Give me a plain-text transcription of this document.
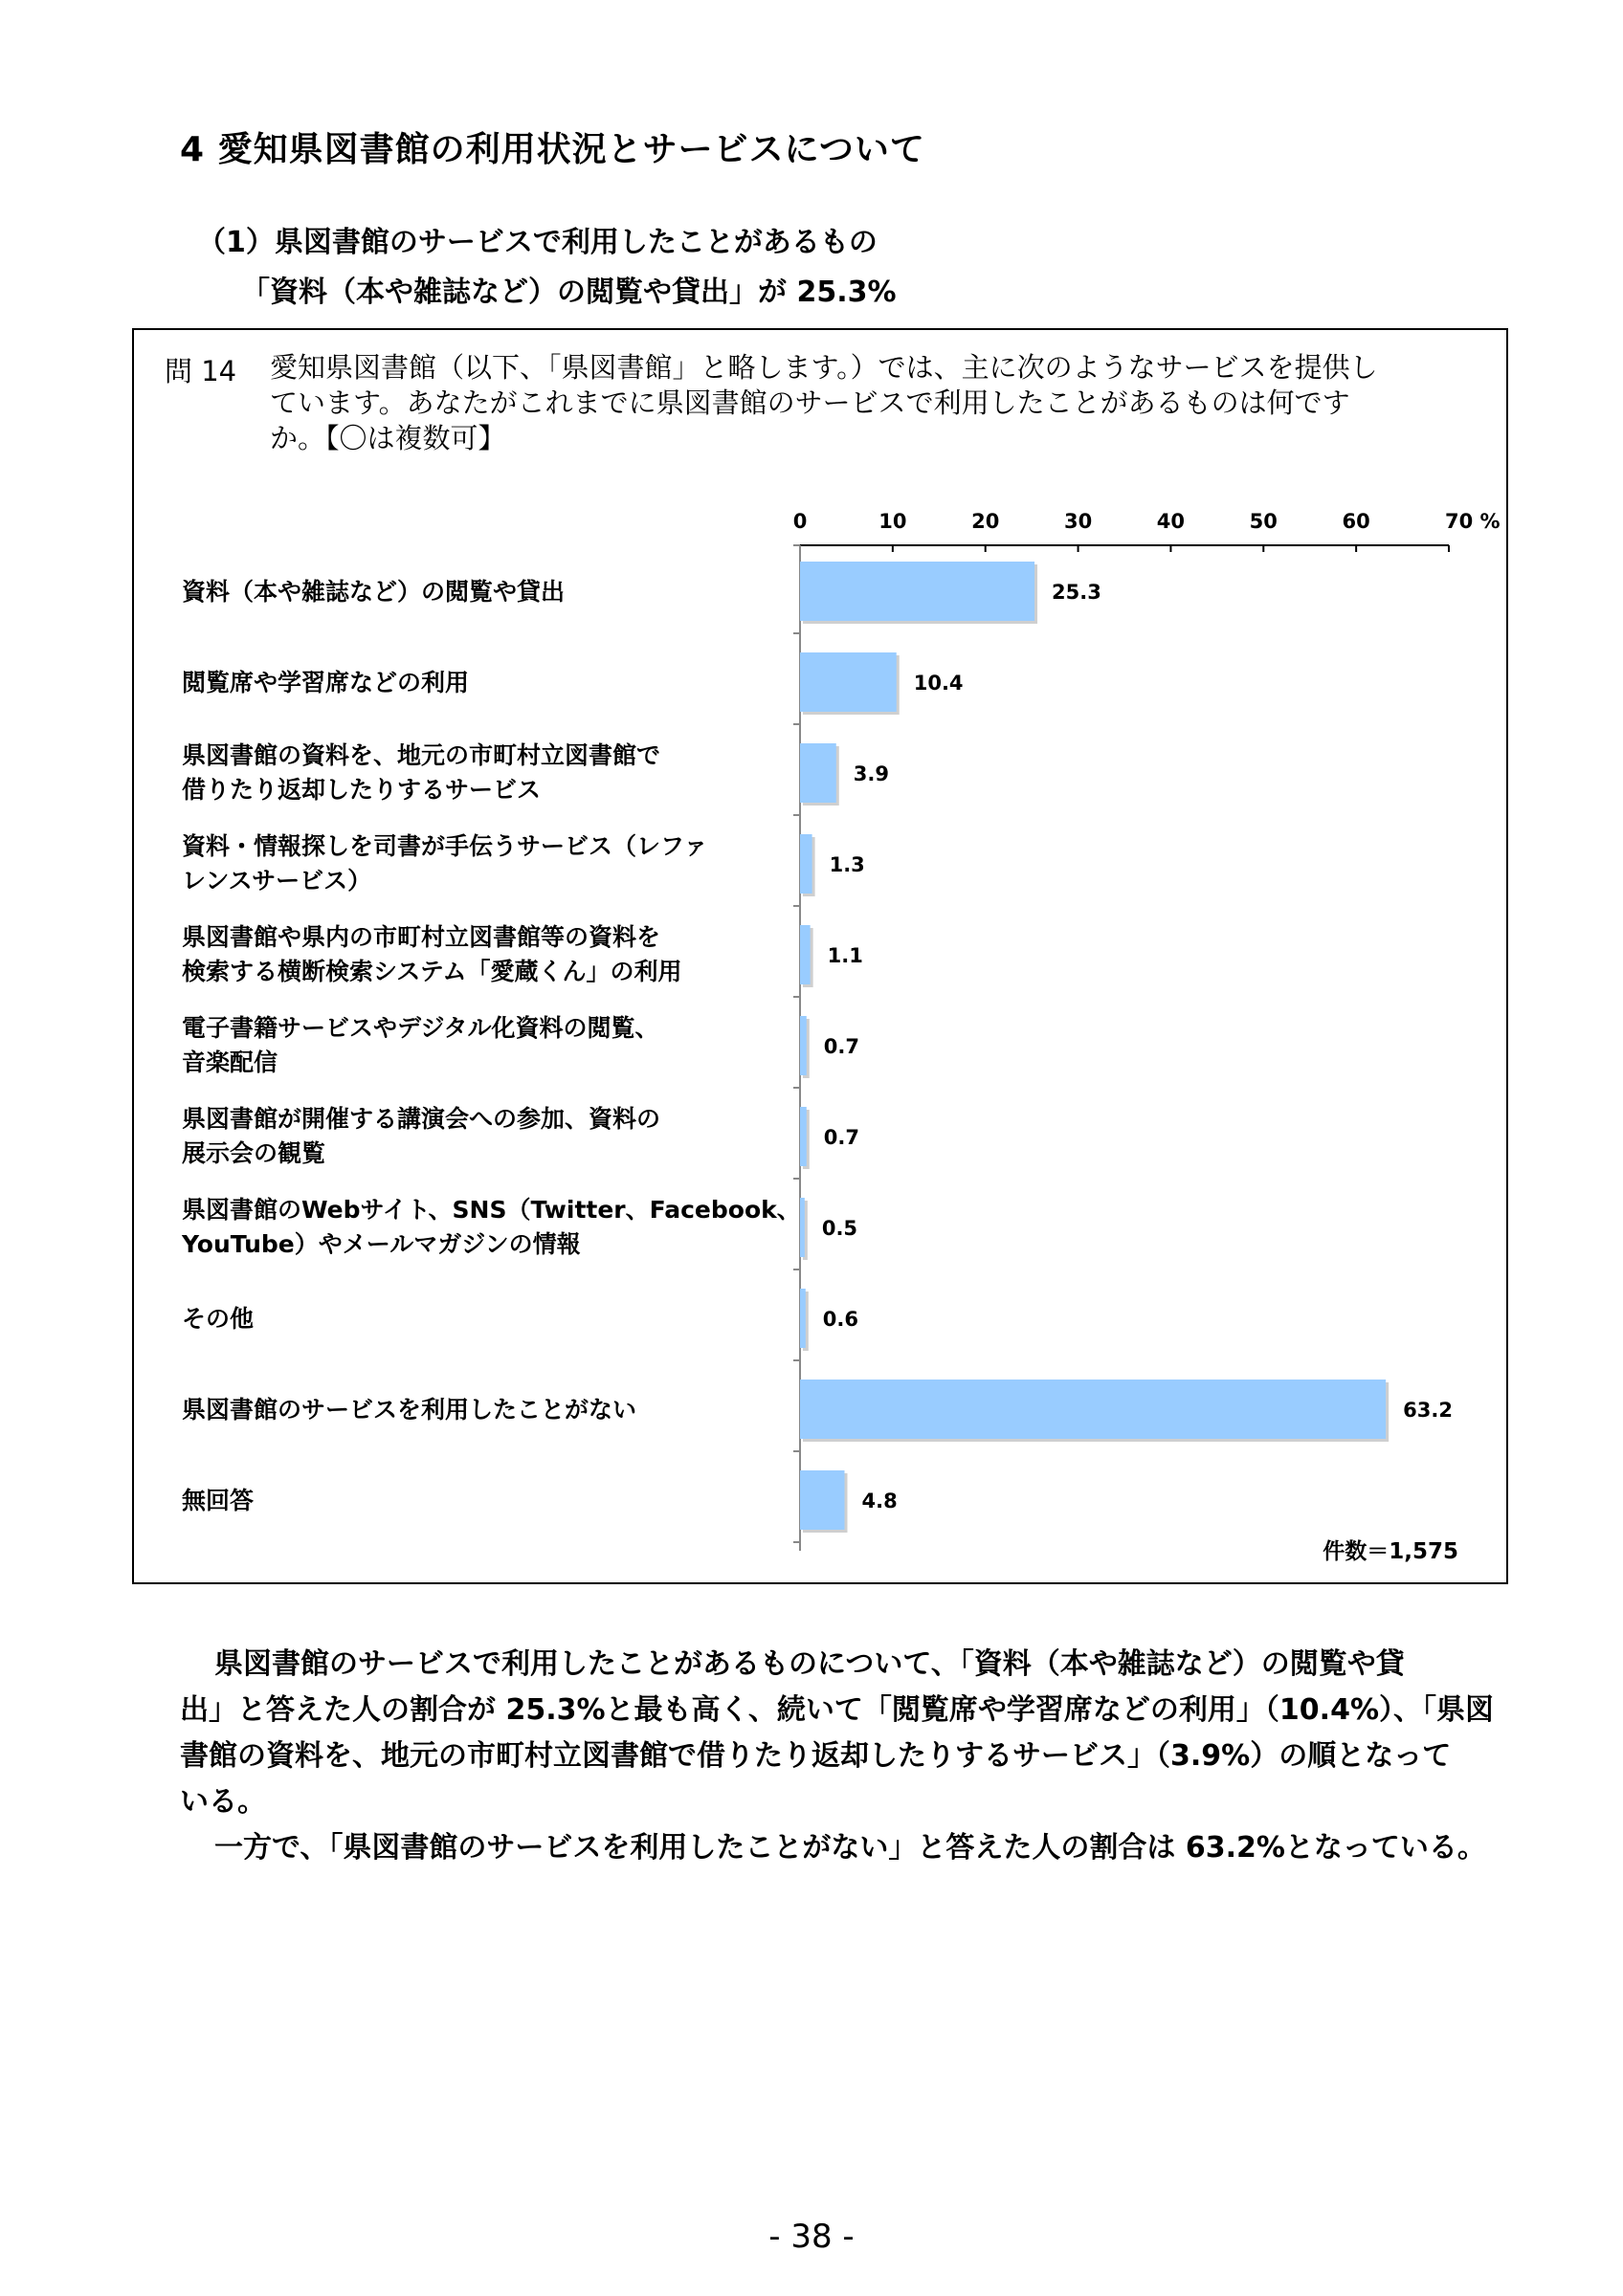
4 愛知県図書館の利用状況とサービスについて
（1）県図書館のサービスで利用したことがあるもの
「資料（本や雑誌など）の閲覧や貸出」が 25.3%
問 14 愛知県図書館（以下、「県図書館」と略します。）では、主に次のようなサービスを提供し
ています。あなたがこれまでに県図書館のサービスで利用したことがあるものは何です
か。【〇は複数可】
0	10	20	30	40	50	60	70 %
25.3
資料（本や雑誌など）の閲覧や貸出
10.4
閲覧席や学習席などの利用
3.9
県図書館の資料を、地元の市町村立図書館で
借りたり返却したりするサービス
1.3
資料・情報探しを司書が手伝うサービス（レファ
レンスサービス）
1.1
県図書館や県内の市町村立図書館等の資料を
検索する横断検索システム「愛蔵くん」の利用
0.7
電子書籍サービスやデジタル化資料の閲覧、
音楽配信
0.7
県図書館が開催する講演会への参加、資料の
展示会の観覧
0.5
県図書館のWebサイト、SNS（Twitter、Facebook、
YouTube）やメールマガジンの情報
0.6
その他
63.2
県図書館のサービスを利用したことがない
4.8
無回答
件数＝1,575

県図書館のサービスで利用したことがあるものについて、「資料（本や雑誌など）の閲覧や貸

出」と答えた人の割合が 25.3%と最も高く、続いて「閲覧席や学習席などの利用」（10.4%）、「県図
書館の資料を、地元の市町村立図書館で借りたり返却したりするサービス」（3.9%）の順となって
いる。

一方で、「県図書館のサービスを利用したことがない」と答えた人の割合は 63.2%となっている。

- 38 -
